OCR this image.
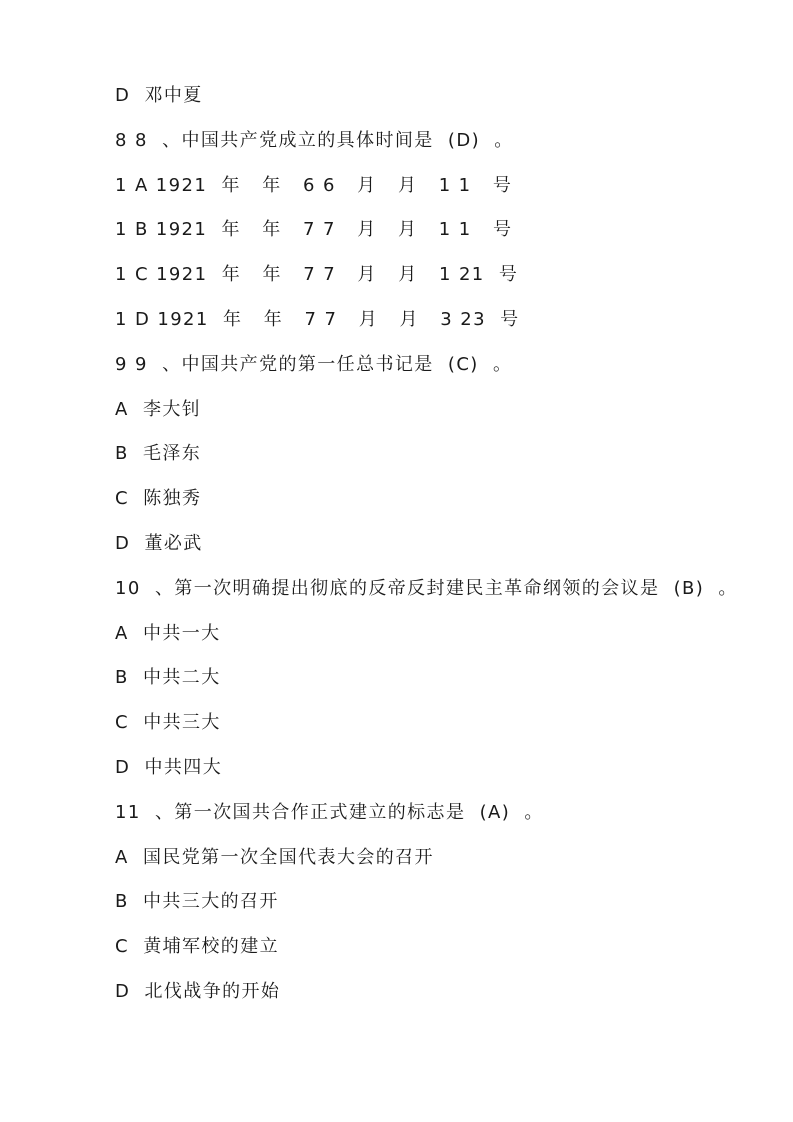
D  邓中夏
8 8  、中国共产党成立的具体时间是  (D)  。
1 A 1921  年   年   6 6   月   月   1 1   号
1 B 1921  年   年   7 7   月   月   1 1   号
1 C 1921  年   年   7 7   月   月   1 21  号
1 D 1921  年   年   7 7   月   月   3 23  号
9 9  、中国共产党的第一任总书记是  (C)  。
A  李大钊
B  毛泽东
C  陈独秀
D  董必武
10  、第一次明确提出彻底的反帝反封建民主革命纲领的会议是  (B)  。
A  中共一大
B  中共二大
C  中共三大
D  中共四大
11  、第一次国共合作正式建立的标志是  (A)  。
A  国民党第一次全国代表大会的召开
B  中共三大的召开
C  黄埔军校的建立
D  北伐战争的开始
